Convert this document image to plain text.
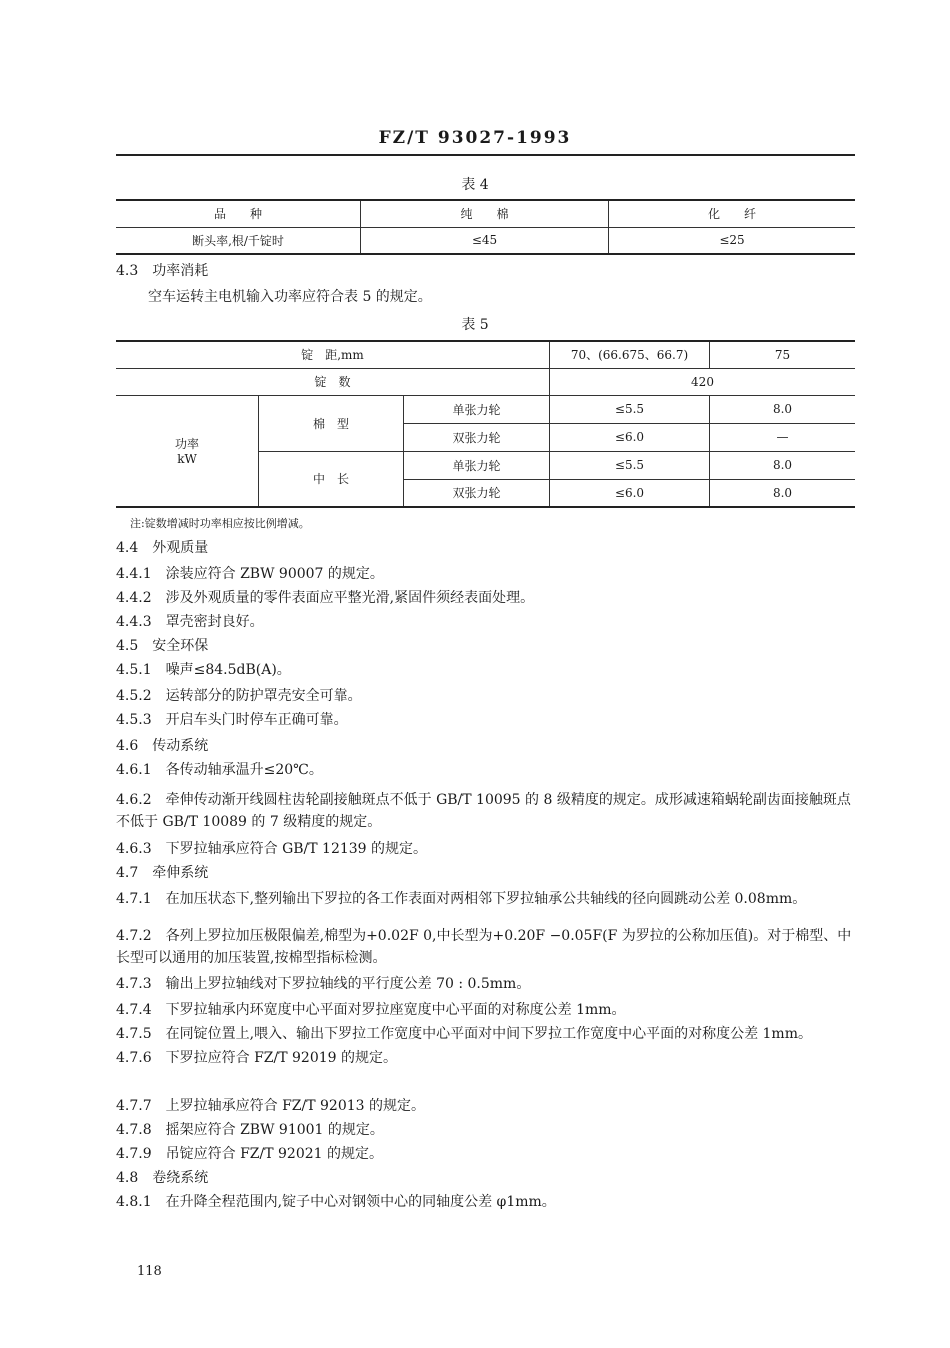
FZ/T 93027-1993
表 4
品　　种	纯　　棉	化　　纤
断头率,根/千锭时	≤45	≤25
4.3 功率消耗
空车运转主电机输入功率应符合表 5 的规定。
表 5
锭　距,mm			70、(66.675、66.7)	75
锭　数			420	

功率
kW	棉　型	单张力轮	≤5.5	8.0
		双张力轮	≤6.0	—
	中　长	单张力轮	≤5.5	8.0
		双张力轮	≤6.0	8.0
注:锭数增减时功率相应按比例增减。
4.4 外观质量
4.4.1 涂装应符合 ZBW 90007 的规定。
4.4.2 涉及外观质量的零件表面应平整光滑,紧固件须经表面处理。
4.4.3 罩壳密封良好。
4.5 安全环保
4.5.1 噪声≤84.5dB(A)。
4.5.2 运转部分的防护罩壳安全可靠。
4.5.3 开启车头门时停车正确可靠。
4.6 传动系统
4.6.1 各传动轴承温升≤20℃。
4.6.2 牵伸传动渐开线圆柱齿轮副接触斑点不低于 GB/T 10095 的 8 级精度的规定。成形减速箱蜗轮副齿面接触斑点不低于 GB/T 10089 的 7 级精度的规定。
4.6.3 下罗拉轴承应符合 GB/T 12139 的规定。
4.7 牵伸系统
4.7.1 在加压状态下,整列输出下罗拉的各工作表面对两相邻下罗拉轴承公共轴线的径向圆跳动公差 0.08mm。
4.7.2 各列上罗拉加压极限偏差,棉型为+0.02F 0,中长型为+0.20F −0.05F(F 为罗拉的公称加压值)。对于棉型、中长型可以通用的加压装置,按棉型指标检测。
4.7.3 输出上罗拉轴线对下罗拉轴线的平行度公差 70 : 0.5mm。
4.7.4 下罗拉轴承内环宽度中心平面对罗拉座宽度中心平面的对称度公差 1mm。
4.7.5 在同锭位置上,喂入、输出下罗拉工作宽度中心平面对中间下罗拉工作宽度中心平面的对称度公差 1mm。
4.7.6 下罗拉应符合 FZ/T 92019 的规定。
4.7.7 上罗拉轴承应符合 FZ/T 92013 的规定。
4.7.8 摇架应符合 ZBW 91001 的规定。
4.7.9 吊锭应符合 FZ/T 92021 的规定。
4.8 卷绕系统
4.8.1 在升降全程范围内,锭子中心对钢领中心的同轴度公差 φ1mm。
118
